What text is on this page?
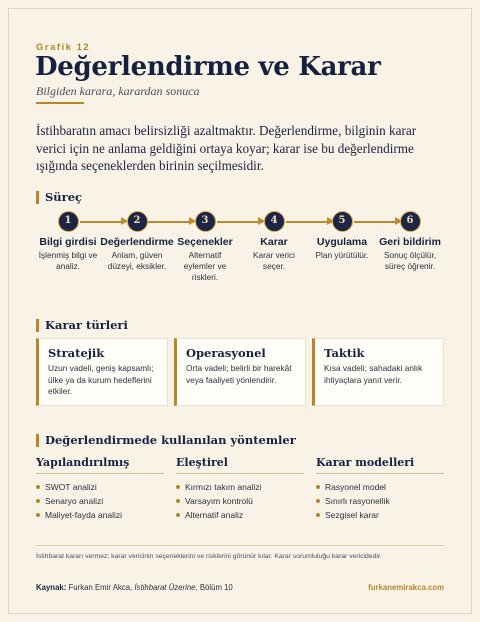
Grafik 12
Değerlendirme ve Karar
Bilgiden karara, karardan sonuca

İstihbaratın amacı belirsizliği azaltmaktır. Değerlendirme, bilginin karar verici için ne anlama geldiğini ortaya koyar; karar ise bu değerlendirme ışığında seçeneklerden birinin seçilmesidir.

Süreç
1
Bilgi girdisi
İşlenmiş bilgi ve analiz.
2
Değerlendirme
Anlam, güven düzeyi, eksikler.
3
Seçenekler
Alternatif eylemler ve riskleri.
4
Karar
Karar verici seçer.
5
Uygulama
Plan yürütülür.
6
Geri bildirim
Sonuç ölçülür, süreç öğrenir.
Karar türleri
Stratejik
Uzun vadeli, geniş kapsamlı; ülke ya da kurum hedeflerini etkiler.
Operasyonel
Orta vadeli; belirli bir harekât veya faaliyeti yönlendirir.
Taktik
Kısa vadeli; sahadaki anlık ihtiyaçlara yanıt verir.
Değerlendirmede kullanılan yöntemler
Yapılandırılmış
SWOT analizi
Senaryo analizi
Maliyet-fayda analizi
Eleştirel
Kırmızı takım analizi
Varsayım kontrolü
Alternatif analiz
Karar modelleri
Rasyonel model
Sınırlı rasyonellik
Sezgisel karar
İstihbarat kararı vermez; karar vericinin seçeneklerini ve risklerini görünür kılar. Karar sorumluluğu karar vericidedir.
Kaynak: Furkan Emir Akca, İstihbarat Üzerine, Bölüm 10	furkanemirakca.com
